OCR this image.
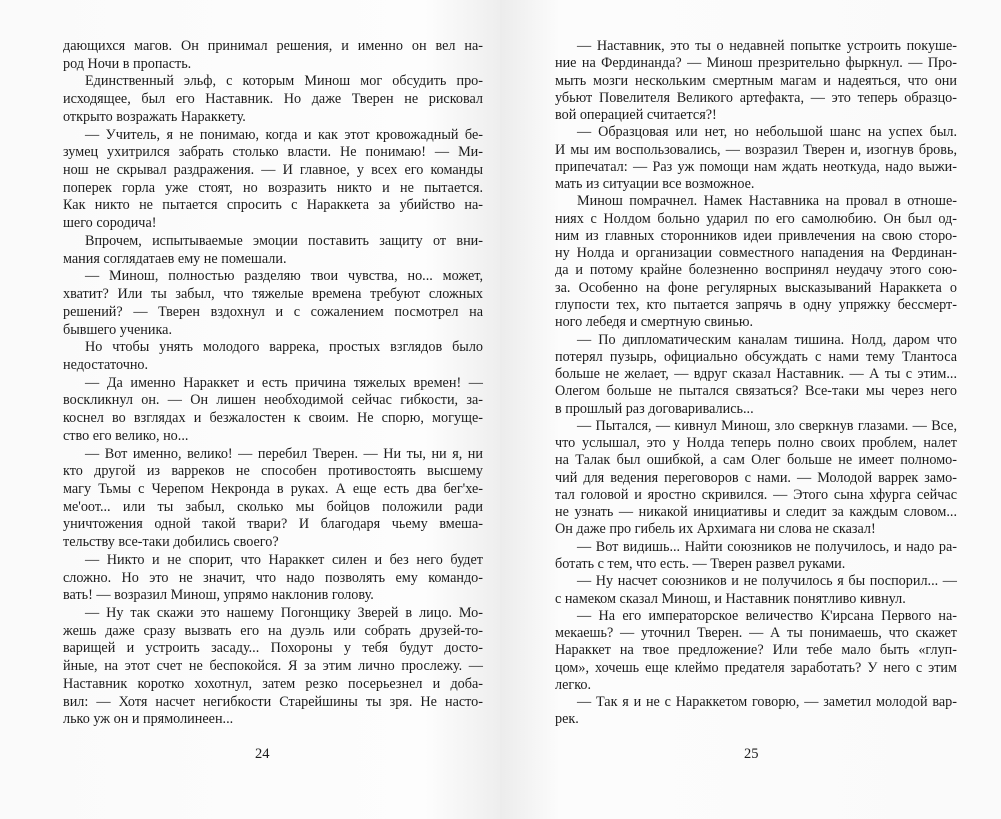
дающихся магов. Он принимал решения, и именно он вел на-
род Ночи в пропасть.
Единственный эльф, с которым Минош мог обсудить про-
исходящее, был его Наставник. Но даже Тверен не рисковал
открыто возражать Нараккету.
— Учитель, я не понимаю, когда и как этот кровожадный бе-
зумец ухитрился забрать столько власти. Не понимаю! — Ми-
нош не скрывал раздражения. — И главное, у всех его команды
поперек горла уже стоят, но возразить никто и не пытается.
Как никто не пытается спросить с Нараккета за убийство на-
шего сородича!
Впрочем, испытываемые эмоции поставить защиту от вни-
мания соглядатаев ему не помешали.
— Минош, полностью разделяю твои чувства, но... может,
хватит? Или ты забыл, что тяжелые времена требуют сложных
решений? — Тверен вздохнул и с сожалением посмотрел на
бывшего ученика.
Но чтобы унять молодого варрека, простых взглядов было
недостаточно.
— Да именно Нараккет и есть причина тяжелых времен! —
воскликнул он. — Он лишен необходимой сейчас гибкости, за-
коснел во взглядах и безжалостен к своим. Не спорю, могуще-
ство его велико, но...
— Вот именно, велико! — перебил Тверен. — Ни ты, ни я, ни
кто другой из варреков не способен противостоять высшему
магу Тьмы с Черепом Некронда в руках. А еще есть два бег'хе-
ме'оот... или ты забыл, сколько мы бойцов положили ради
уничтожения одной такой твари? И благодаря чьему вмеша-
тельству все-таки добились своего?
— Никто и не спорит, что Нараккет силен и без него будет
сложно. Но это не значит, что надо позволять ему командо-
вать! — возразил Минош, упрямо наклонив голову.
— Ну так скажи это нашему Погонщику Зверей в лицо. Мо-
жешь даже сразу вызвать его на дуэль или собрать друзей-то-
варищей и устроить засаду... Похороны у тебя будут досто-
йные, на этот счет не беспокойся. Я за этим лично прослежу. —
Наставник коротко хохотнул, затем резко посерьезнел и доба-
вил: — Хотя насчет негибкости Старейшины ты зря. Не насто-
лько уж он и прямолинеен...
24
— Наставник, это ты о недавней попытке устроить покуше-
ние на Фердинанда? — Минош презрительно фыркнул. — Про-
мыть мозги нескольким смертным магам и надеяться, что они
убьют Повелителя Великого артефакта, — это теперь образцо-
вой операцией считается?!
— Образцовая или нет, но небольшой шанс на успех был.
И мы им воспользовались, — возразил Тверен и, изогнув бровь,
припечатал: — Раз уж помощи нам ждать неоткуда, надо выжи-
мать из ситуации все возможное.
Минош помрачнел. Намек Наставника на провал в отноше-
ниях с Нолдом больно ударил по его самолюбию. Он был од-
ним из главных сторонников идеи привлечения на свою сторо-
ну Нолда и организации совместного нападения на Фердинан-
да и потому крайне болезненно воспринял неудачу этого сою-
за. Особенно на фоне регулярных высказываний Нараккета о
глупости тех, кто пытается запрячь в одну упряжку бессмерт-
ного лебедя и смертную свинью.
— По дипломатическим каналам тишина. Нолд, даром что
потерял пузырь, официально обсуждать с нами тему Тлантоса
больше не желает, — вдруг сказал Наставник. — А ты с этим...
Олегом больше не пытался связаться? Все-таки мы через него
в прошлый раз договаривались...
— Пытался, — кивнул Минош, зло сверкнув глазами. — Все,
что услышал, это у Нолда теперь полно своих проблем, налет
на Талак был ошибкой, а сам Олег больше не имеет полномо-
чий для ведения переговоров с нами. — Молодой варрек замо-
тал головой и яростно скривился. — Этого сына хфурга сейчас
не узнать — никакой инициативы и следит за каждым словом...
Он даже про гибель их Архимага ни слова не сказал!
— Вот видишь... Найти союзников не получилось, и надо ра-
ботать с тем, что есть. — Тверен развел руками.
— Ну насчет союзников и не получилось я бы поспорил... —
с намеком сказал Минош, и Наставник понятливо кивнул.
— На его императорское величество К'ирсана Первого на-
мекаешь? — уточнил Тверен. — А ты понимаешь, что скажет
Нараккет на твое предложение? Или тебе мало быть «глуп-
цом», хочешь еще клеймо предателя заработать? У него с этим
легко.
— Так я и не с Нараккетом говорю, — заметил молодой вар-
рек.
25
